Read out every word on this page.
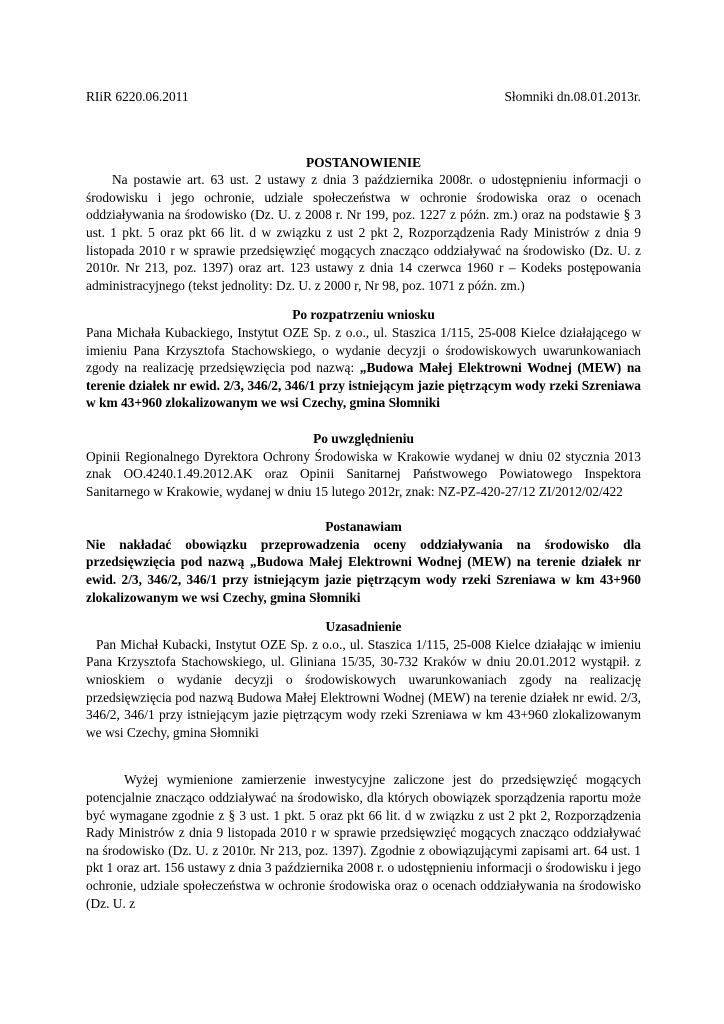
RIiR 6220.06.2011	Słomniki dn.08.01.2013r.
POSTANOWIENIE

Na postawie art. 63 ust. 2 ustawy z dnia 3 października 2008r. o udostępnieniu informacji o środowisku i jego ochronie, udziale społeczeństwa w ochronie środowiska oraz o ocenach oddziaływania na środowisko (Dz. U. z 2008 r. Nr 199, poz. 1227 z późn. zm.) oraz na podstawie § 3 ust. 1 pkt. 5 oraz pkt 66 lit. d w związku z ust 2 pkt 2, Rozporządzenia Rady Ministrów z dnia 9 listopada 2010 r w sprawie przedsięwzięć mogących znacząco oddziaływać na środowisko (Dz. U. z 2010r. Nr 213, poz. 1397) oraz art. 123 ustawy z dnia 14 czerwca 1960 r – Kodeks postępowania administracyjnego (tekst jednolity: Dz. U. z 2000 r, Nr 98, poz. 1071 z późn. zm.)

Po rozpatrzeniu wniosku

Pana Michała Kubackiego, Instytut OZE Sp. z o.o., ul. Staszica 1/115, 25-008 Kielce działającego w imieniu Pana Krzysztofa Stachowskiego, o wydanie decyzji o środowiskowych uwarunkowaniach zgody na realizację przedsięwzięcia pod nazwą: „Budowa Małej Elektrowni Wodnej (MEW) na terenie działek nr ewid. 2/3, 346/2, 346/1 przy istniejącym jazie piętrzącym wody rzeki Szreniawa w km 43+960 zlokalizowanym we wsi Czechy, gmina Słomniki

Po uwzględnieniu

Opinii Regionalnego Dyrektora Ochrony Środowiska w Krakowie wydanej w dniu 02 stycznia 2013 znak OO.4240.1.49.2012.AK oraz Opinii Sanitarnej Państwowego Powiatowego Inspektora Sanitarnego w Krakowie, wydanej w dniu 15 lutego 2012r, znak: NZ-PZ-420-27/12 ZI/2012/02/422

Postanawiam

Nie nakładać obowiązku przeprowadzenia oceny oddziaływania na środowisko dla przedsięwzięcia pod nazwą „Budowa Małej Elektrowni Wodnej (MEW) na terenie działek nr ewid. 2/3, 346/2, 346/1 przy istniejącym jazie piętrzącym wody rzeki Szreniawa w km 43+960 zlokalizowanym we wsi Czechy, gmina Słomniki

Uzasadnienie

Pan Michał Kubacki, Instytut OZE Sp. z o.o., ul. Staszica 1/115, 25-008 Kielce działając w imieniu Pana Krzysztofa Stachowskiego, ul. Gliniana 15/35, 30-732 Kraków w dniu 20.01.2012 wystąpił. z wnioskiem o wydanie decyzji o środowiskowych uwarunkowaniach zgody na realizację przedsięwzięcia pod nazwą Budowa Małej Elektrowni Wodnej (MEW) na terenie działek nr ewid. 2/3, 346/2, 346/1 przy istniejącym jazie piętrzącym wody rzeki Szreniawa w km 43+960 zlokalizowanym we wsi Czechy, gmina Słomniki

Wyżej wymienione zamierzenie inwestycyjne zaliczone jest do przedsięwzięć mogących potencjalnie znacząco oddziaływać na środowisko, dla których obowiązek sporządzenia raportu może być wymagane zgodnie z § 3 ust. 1 pkt. 5 oraz pkt 66 lit. d w związku z ust 2 pkt 2, Rozporządzenia Rady Ministrów z dnia 9 listopada 2010 r w sprawie przedsięwzięć mogących znacząco oddziaływać na środowisko (Dz. U. z 2010r. Nr 213, poz. 1397). Zgodnie z obowiązującymi zapisami art. 64 ust. 1 pkt 1 oraz art. 156 ustawy z dnia 3 października 2008 r. o udostępnieniu informacji o środowisku i jego ochronie, udziale społeczeństwa w ochronie środowiska oraz o ocenach oddziaływania na środowisko (Dz. U. z
